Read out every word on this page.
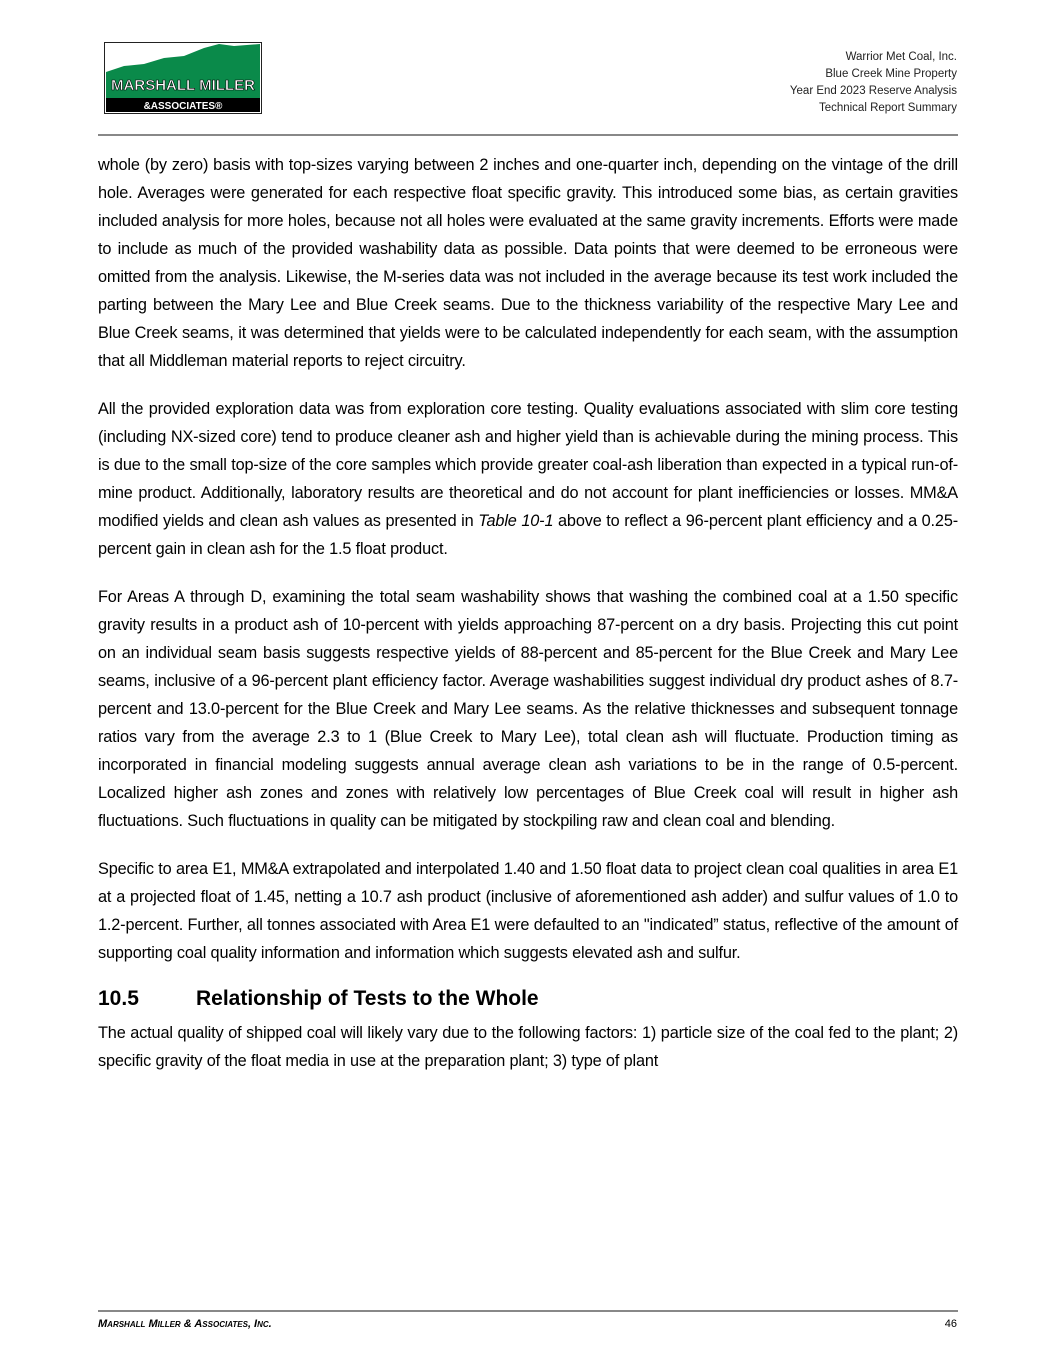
MARSHALL MILLER
&ASSOCIATES®
Warrior Met Coal, Inc.
Blue Creek Mine Property
Year End 2023 Reserve Analysis
Technical Report Summary

whole (by zero) basis with top-sizes varying between 2 inches and one-quarter inch, depending on the vintage of the drill hole. Averages were generated for each respective float specific gravity. This introduced some bias, as certain gravities included analysis for more holes, because not all holes were evaluated at the same gravity increments. Efforts were made to include as much of the provided washability data as possible. Data points that were deemed to be erroneous were omitted from the analysis. Likewise, the M-series data was not included in the average because its test work included the parting between the Mary Lee and Blue Creek seams. Due to the thickness variability of the respective Mary Lee and Blue Creek seams, it was determined that yields were to be calculated independently for each seam, with the assumption that all Middleman material reports to reject circuitry.

All the provided exploration data was from exploration core testing. Quality evaluations associated with slim core testing (including NX-sized core) tend to produce cleaner ash and higher yield than is achievable during the mining process. This is due to the small top-size of the core samples which provide greater coal-ash liberation than expected in a typical run-of-mine product. Additionally, laboratory results are theoretical and do not account for plant inefficiencies or losses. MM&A modified yields and clean ash values as presented in Table 10-1 above to reflect a 96-percent plant efficiency and a 0.25-percent gain in clean ash for the 1.5 float product.

For Areas A through D, examining the total seam washability shows that washing the combined coal at a 1.50 specific gravity results in a product ash of 10-percent with yields approaching 87-percent on a dry basis. Projecting this cut point on an individual seam basis suggests respective yields of 88-percent and 85-percent for the Blue Creek and Mary Lee seams, inclusive of a 96-percent plant efficiency factor. Average washabilities suggest individual dry product ashes of 8.7-percent and 13.0-percent for the Blue Creek and Mary Lee seams. As the relative thicknesses and subsequent tonnage ratios vary from the average 2.3 to 1 (Blue Creek to Mary Lee), total clean ash will fluctuate. Production timing as incorporated in financial modeling suggests annual average clean ash variations to be in the range of 0.5-percent. Localized higher ash zones and zones with relatively low percentages of Blue Creek coal will result in higher ash fluctuations. Such fluctuations in quality can be mitigated by stockpiling raw and clean coal and blending.

Specific to area E1, MM&A extrapolated and interpolated 1.40 and 1.50 float data to project clean coal qualities in area E1 at a projected float of 1.45, netting a 10.7 ash product (inclusive of aforementioned ash adder) and sulfur values of 1.0 to 1.2-percent. Further, all tonnes associated with Area E1 were defaulted to an "indicated” status, reflective of the amount of supporting coal quality information and information which suggests elevated ash and sulfur.

10.5	Relationship of Tests to the Whole

The actual quality of shipped coal will likely vary due to the following factors: 1) particle size of the coal fed to the plant; 2) specific gravity of the float media in use at the preparation plant; 3) type of plant

Marshall Miller & Associates, Inc.	46
